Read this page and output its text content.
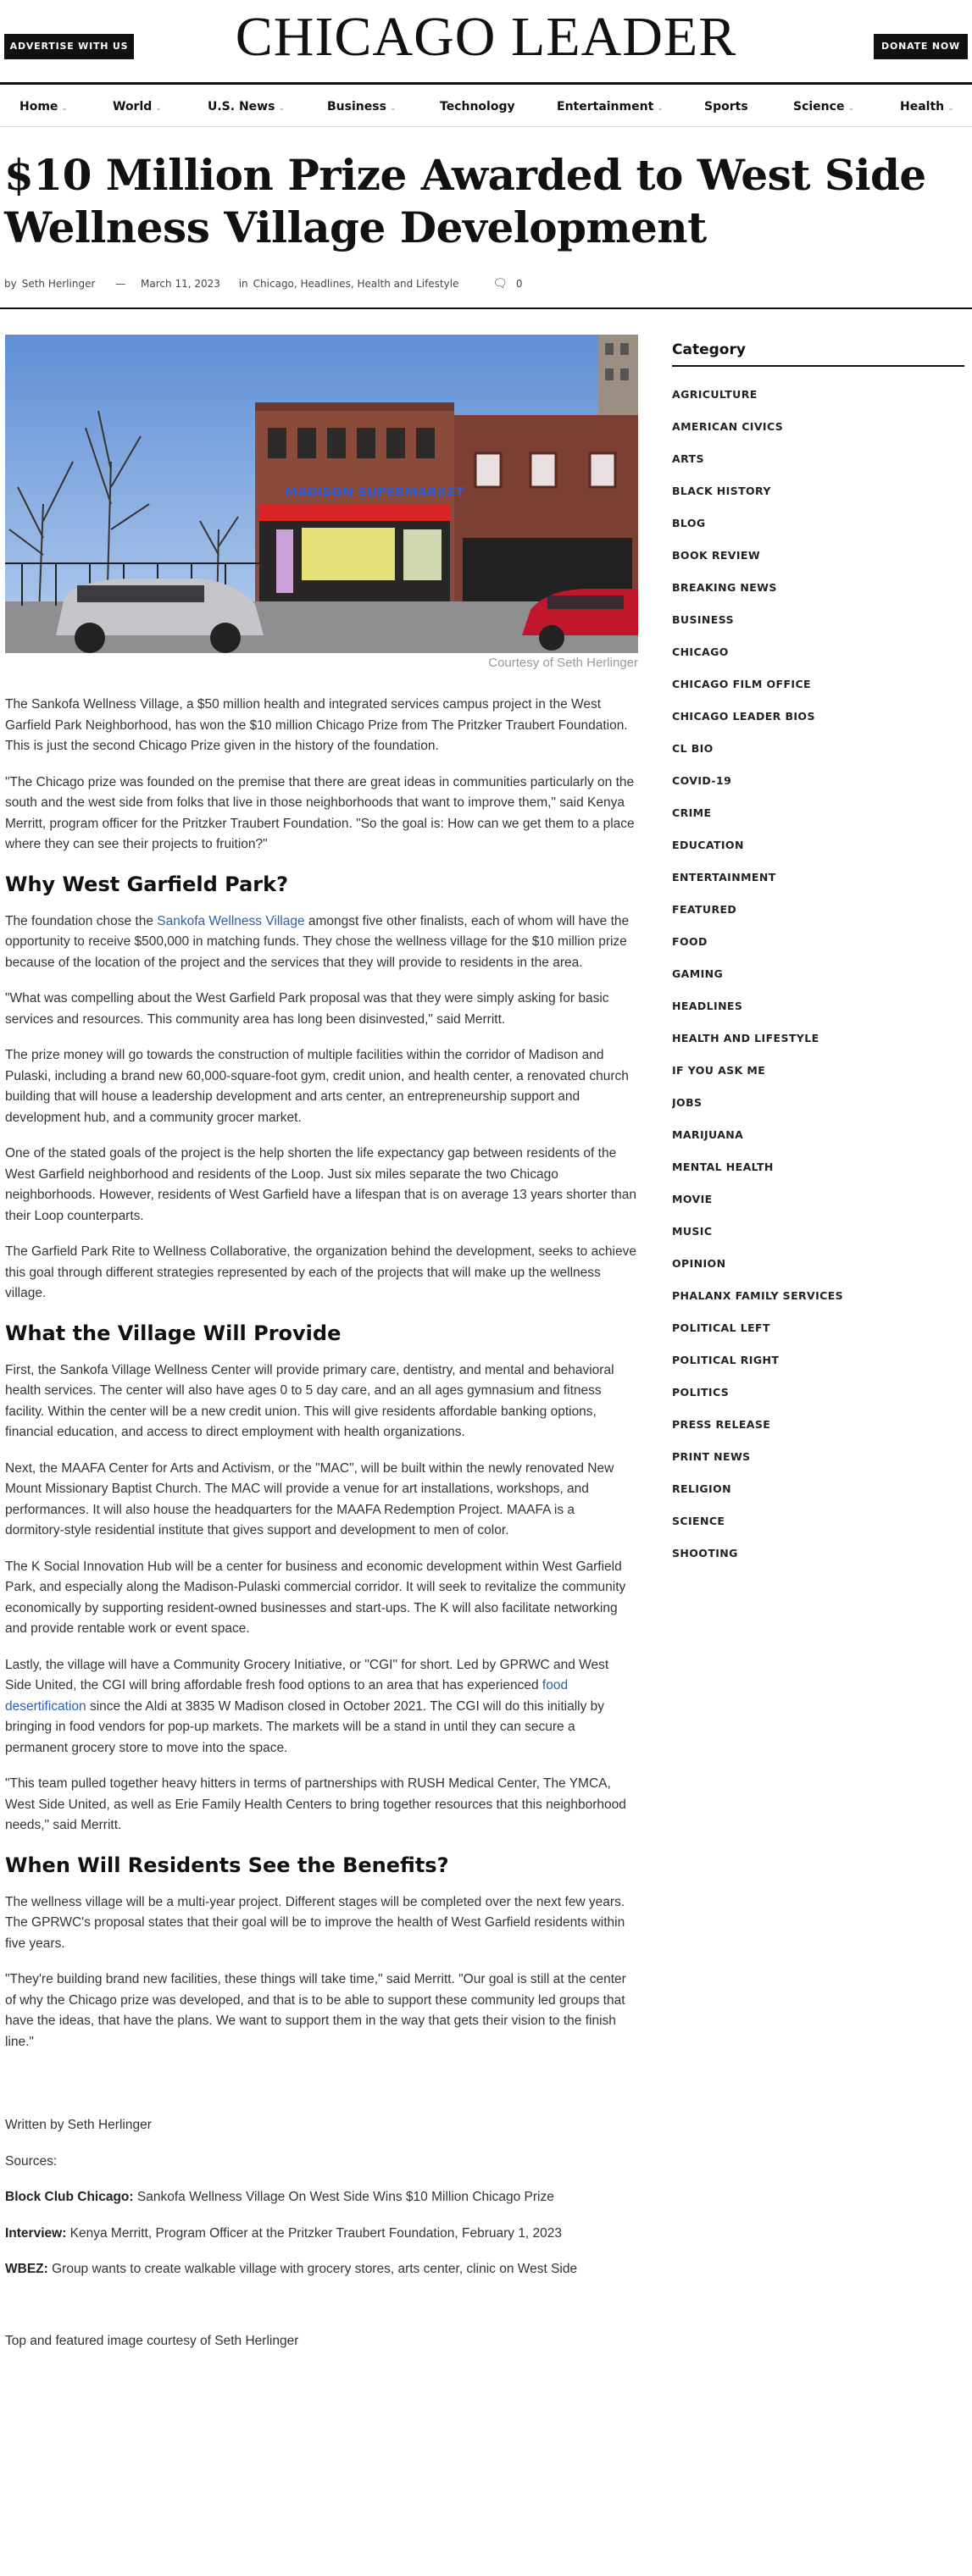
ADVERTISE WITH US	CHICAGO LEADER	DONATE NOW
Home ⌄	World ⌄	U.S. News ⌄	Business ⌄	Technology	Entertainment ⌄	Sports	Science ⌄	Health ⌄
$10 Million Prize Awarded to West Side Wellness Village Development
by Seth Herlinger — March 11, 2023 in Chicago, Headlines, Health and Lifestyle	🗨 0
MADISON SUPERMARKET
Courtesy of Seth Herlinger

The Sankofa Wellness Village, a $50 million health and integrated services campus project in the West Garfield Park Neighborhood, has won the $10 million Chicago Prize from The Pritzker Traubert Foundation. This is just the second Chicago Prize given in the history of the foundation.

"The Chicago prize was founded on the premise that there are great ideas in communities particularly on the south and the west side from folks that live in those neighborhoods that want to improve them," said Kenya Merritt, program officer for the Pritzker Traubert Foundation. "So the goal is: How can we get them to a place where they can see their projects to fruition?"

Why West Garfield Park?

The foundation chose the Sankofa Wellness Village amongst five other finalists, each of whom will have the opportunity to receive $500,000 in matching funds. They chose the wellness village for the $10 million prize because of the location of the project and the services that they will provide to residents in the area.

"What was compelling about the West Garfield Park proposal was that they were simply asking for basic services and resources. This community area has long been disinvested," said Merritt.

The prize money will go towards the construction of multiple facilities within the corridor of Madison and Pulaski, including a brand new 60,000-square-foot gym, credit union, and health center, a renovated church building that will house a leadership development and arts center, an entrepreneurship support and development hub, and a community grocer market.

One of the stated goals of the project is the help shorten the life expectancy gap between residents of the West Garfield neighborhood and residents of the Loop. Just six miles separate the two Chicago neighborhoods. However, residents of West Garfield have a lifespan that is on average 13 years shorter than their Loop counterparts.

The Garfield Park Rite to Wellness Collaborative, the organization behind the development, seeks to achieve this goal through different strategies represented by each of the projects that will make up the wellness village.

What the Village Will Provide

First, the Sankofa Village Wellness Center will provide primary care, dentistry, and mental and behavioral health services. The center will also have ages 0 to 5 day care, and an all ages gymnasium and fitness facility. Within the center will be a new credit union. This will give residents affordable banking options, financial education, and access to direct employment with health organizations.

Next, the MAAFA Center for Arts and Activism, or the "MAC", will be built within the newly renovated New Mount Missionary Baptist Church. The MAC will provide a venue for art installations, workshops, and performances. It will also house the headquarters for the MAAFA Redemption Project. MAAFA is a dormitory-style residential institute that gives support and development to men of color.

The K Social Innovation Hub will be a center for business and economic development within West Garfield Park, and especially along the Madison-Pulaski commercial corridor. It will seek to revitalize the community economically by supporting resident-owned businesses and start-ups. The K will also facilitate networking and provide rentable work or event space.

Lastly, the village will have a Community Grocery Initiative, or "CGI" for short. Led by GPRWC and West Side United, the CGI will bring affordable fresh food options to an area that has experienced food desertification since the Aldi at 3835 W Madison closed in October 2021. The CGI will do this initially by bringing in food vendors for pop-up markets. The markets will be a stand in until they can secure a permanent grocery store to move into the space.

"This team pulled together heavy hitters in terms of partnerships with RUSH Medical Center, The YMCA, West Side United, as well as Erie Family Health Centers to bring together resources that this neighborhood needs," said Merritt.

When Will Residents See the Benefits?

The wellness village will be a multi-year project. Different stages will be completed over the next few years. The GPRWC's proposal states that their goal will be to improve the health of West Garfield residents within five years.

"They're building brand new facilities, these things will take time," said Merritt. "Our goal is still at the center of why the Chicago prize was developed, and that is to be able to support these community led groups that have the ideas, that have the plans. We want to support them in the way that gets their vision to the finish line."

Written by Seth Herlinger

Sources:

Block Club Chicago: Sankofa Wellness Village On West Side Wins $10 Million Chicago Prize

Interview: Kenya Merritt, Program Officer at the Pritzker Traubert Foundation, February 1, 2023

WBEZ: Group wants to create walkable village with grocery stores, arts center, clinic on West Side

Top and featured image courtesy of Seth Herlinger

Category
AGRICULTURE
AMERICAN CIVICS
ARTS
BLACK HISTORY
BLOG
BOOK REVIEW
BREAKING NEWS
BUSINESS
CHICAGO
CHICAGO FILM OFFICE
CHICAGO LEADER BIOS
CL BIO
COVID-19
CRIME
EDUCATION
ENTERTAINMENT
FEATURED
FOOD
GAMING
HEADLINES
HEALTH AND LIFESTYLE
IF YOU ASK ME
JOBS
MARIJUANA
MENTAL HEALTH
MOVIE
MUSIC
OPINION
PHALANX FAMILY SERVICES
POLITICAL LEFT
POLITICAL RIGHT
POLITICS
PRESS RELEASE
PRINT NEWS
RELIGION
SCIENCE
SHOOTING
